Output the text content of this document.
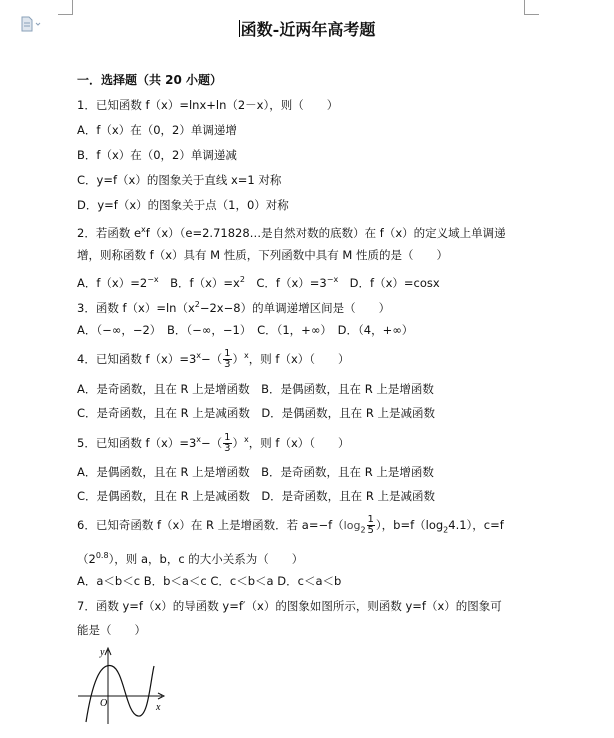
函数-近两年高考题
一．选择题（共 20 小题）
1．已知函数 f（x）=lnx+ln（2－x），则（　　）
A．f（x）在（0，2）单调递增
B．f（x）在（0，2）单调递减
C．y=f（x）的图象关于直线 x=1 对称
D．y=f（x）的图象关于点（1，0）对称
2．若函数 $e^xf(x)(e=2.71828\dots$是自然对数的底数）在 f（x）的定义域上单调递
增，则称函数 f（x）具有 M 性质，下列函数中具有 M 性质的是（　　）
A．$f(x)=2^{-x}$　B．$f(x)=x^2$　C．$f(x)=3^{-x}$　D．f（x）=cosx
3．函数 $f(x)=\ln(x^2-2x-8)$的单调递增区间是（　　）
A．（−∞，−2）　B．（−∞，−1）　C．（1，+∞）　D．（4，+∞）
4．已知函数 $f(x)=3^x-( \frac{1}{3} )^x$，则 f（x）（　　）
A．是奇函数，且在 R 上是增函数　B．是偶函数，且在 R 上是增函数
C．是奇函数，且在 R 上是减函数　D．是偶函数，且在 R 上是减函数
5．已知函数 $f(x)=3^x-( \frac{1}{3} )^x$，则 f（x）（　　）
A．是偶函数，且在 R 上是增函数　B．是奇函数，且在 R 上是增函数
C．是偶函数，且在 R 上是减函数　D．是奇函数，且在 R 上是减函数
6．已知奇函数 f（x）在 R 上是增函数．若 $a=-f(\log_2 \frac{1}{5}$ ），$b=f(\log_24.1)$，c=f
$(2^{0.8})$，则 a，b，c 的大小关系为（　　）
A．a＜b＜c B．b＜a＜c C．c＜b＜a D．c＜a＜b
7．函数 y=f（x）的导函数 y=f′（x）的图象如图所示，则函数 y=f（x）的图象可
能是（　　）
y
x
O
